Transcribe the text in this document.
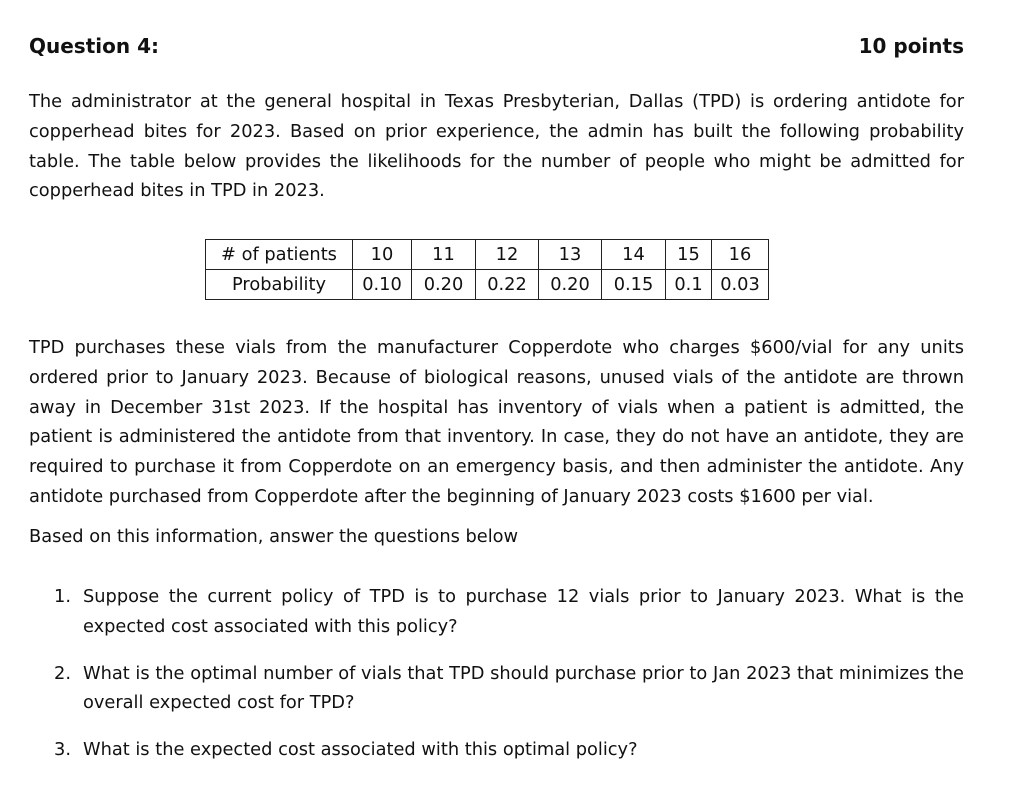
Question 4:	10 points
The administrator at the general hospital in Texas Presbyterian, Dallas (TPD) is ordering antidote for copperhead bites for 2023. Based on prior experience, the admin has built the following probability table. The table below provides the likelihoods for the number of people who might be admitted for copperhead bites in TPD in 2023.
# of patients	10	11	12	13	14	15	16
Probability	0.10	0.20	0.22	0.20	0.15	0.1	0.03
TPD purchases these vials from the manufacturer Copperdote who charges $600/vial for any units ordered prior to January 2023. Because of biological reasons, unused vials of the antidote are thrown away in December 31st 2023. If the hospital has inventory of vials when a patient is admitted, the patient is administered the antidote from that inventory. In case, they do not have an antidote, they are required to purchase it from Copperdote on an emergency basis, and then administer the antidote. Any antidote purchased from Copperdote after the beginning of January 2023 costs $1600 per vial.
Based on this information, answer the questions below
1. Suppose the current policy of TPD is to purchase 12 vials prior to January 2023. What is the expected cost associated with this policy?
2. What is the optimal number of vials that TPD should purchase prior to Jan 2023 that minimizes the overall expected cost for TPD?
3. What is the expected cost associated with this optimal policy?
